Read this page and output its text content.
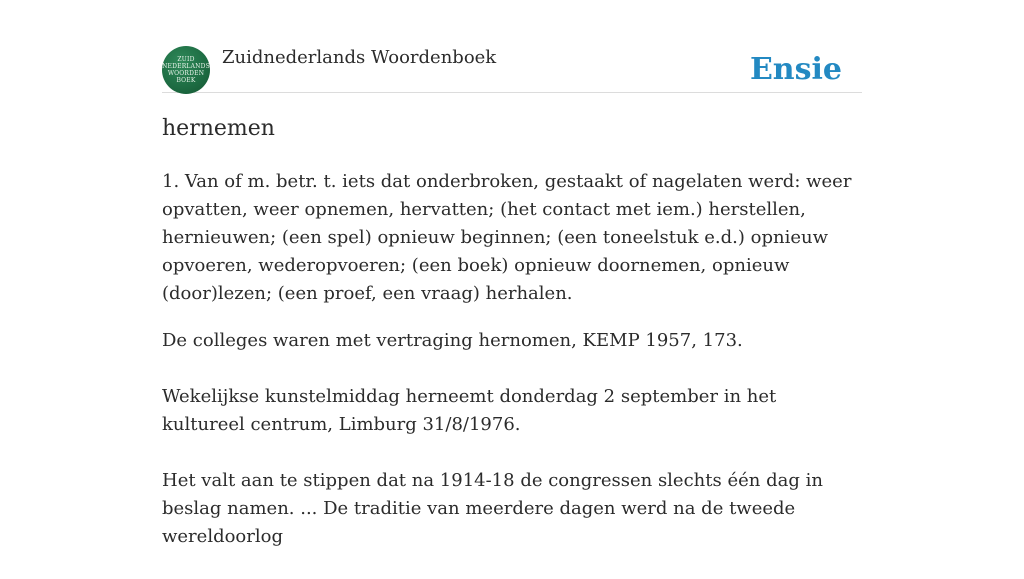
ZUID
NEDERLANDS
WOORDEN
BOEK
Zuidnederlands Woordenboek	Ensie
hernemen

1. Van of m. betr. t. iets dat onderbroken, gestaakt of nagelaten werd: weer opvatten, weer opnemen, hervatten; (het contact met iem.) herstellen, hernieuwen; (een spel) opnieuw beginnen; (een toneelstuk e.d.) opnieuw opvoeren, wederopvoeren; (een boek) opnieuw doornemen, opnieuw (door)lezen; (een proef, een vraag) herhalen.

De colleges waren met vertraging hernomen, KEMP 1957, 173.

Wekelijkse kunstelmiddag herneemt donderdag 2 september in het kultureel centrum, Limburg 31/8/1976.

Het valt aan te stippen dat na 1914-18 de congressen slechts één dag in beslag namen. ... De traditie van meerdere dagen werd na de tweede wereldoorlog
